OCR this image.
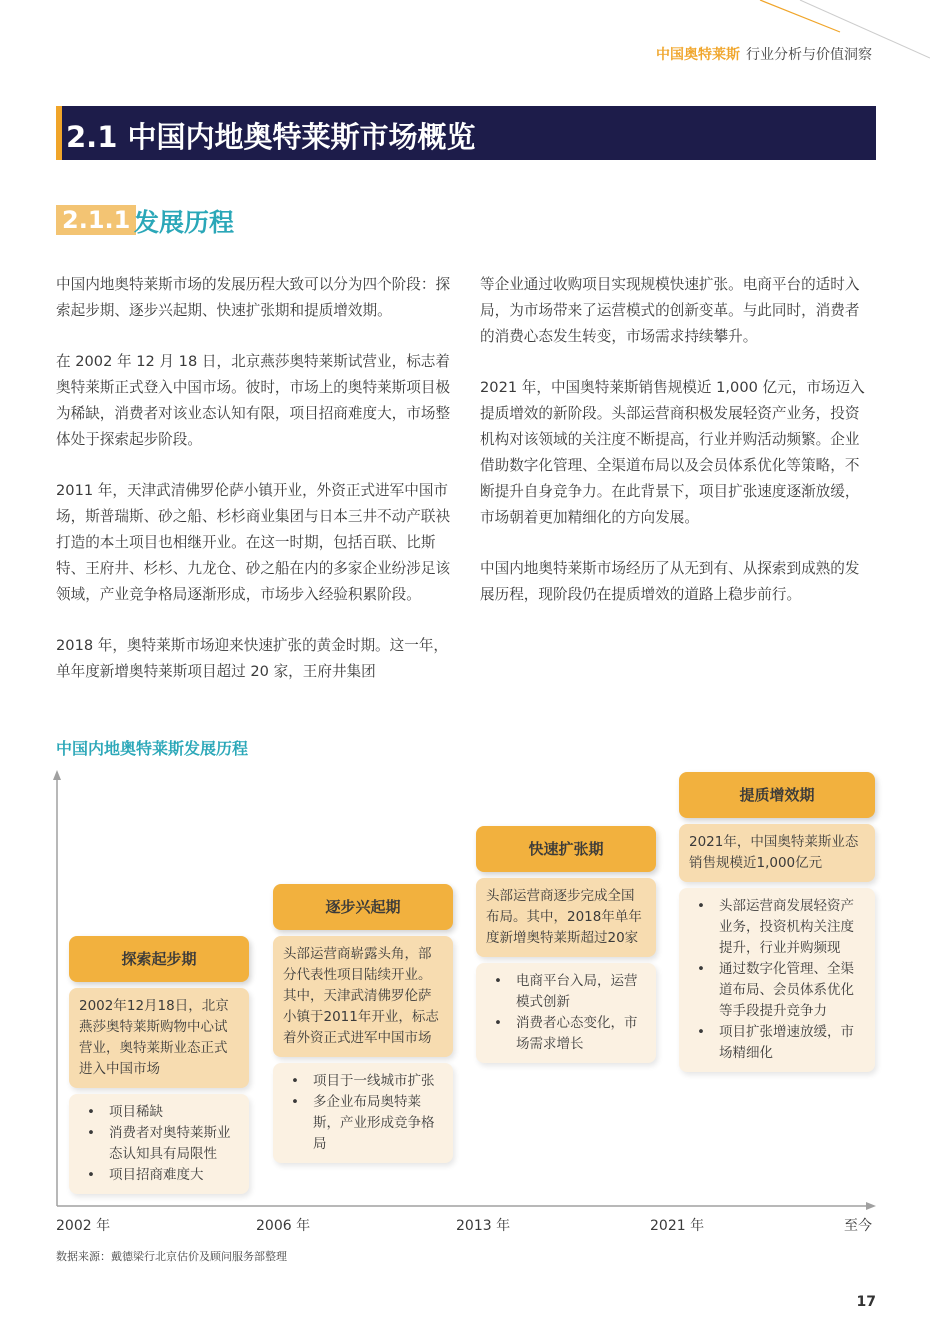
中国奥特莱斯 行业分析与价值洞察
2.1 中国内地奥特莱斯市场概览
2.1.1 发展历程

中国内地奥特莱斯市场的发展历程大致可以分为四个阶段：探索起步期、逐步兴起期、快速扩张期和提质增效期。

在 2002 年 12 月 18 日，北京燕莎奥特莱斯试营业，标志着奥特莱斯正式登入中国市场。彼时，市场上的奥特莱斯项目极为稀缺，消费者对该业态认知有限，项目招商难度大，市场整体处于探索起步阶段。

2011 年，天津武清佛罗伦萨小镇开业，外资正式进军中国市场，斯普瑞斯、砂之船、杉杉商业集团与日本三井不动产联袂打造的本土项目也相继开业。在这一时期，包括百联、比斯特、王府井、杉杉、九龙仓、砂之船在内的多家企业纷涉足该领域，产业竞争格局逐渐形成，市场步入经验积累阶段。

2018 年，奥特莱斯市场迎来快速扩张的黄金时期。这一年，单年度新增奥特莱斯项目超过 20 家，王府井集团

等企业通过收购项目实现规模快速扩张。电商平台的适时入局，为市场带来了运营模式的创新变革。与此同时，消费者的消费心态发生转变，市场需求持续攀升。

2021 年，中国奥特莱斯销售规模近 1,000 亿元，市场迈入提质增效的新阶段。头部运营商积极发展轻资产业务，投资机构对该领域的关注度不断提高，行业并购活动频繁。企业借助数字化管理、全渠道布局以及会员体系优化等策略，不断提升自身竞争力。在此背景下，项目扩张速度逐渐放缓，市场朝着更加精细化的方向发展。

中国内地奥特莱斯市场经历了从无到有、从探索到成熟的发展历程，现阶段仍在提质增效的道路上稳步前行。

中国内地奥特莱斯发展历程
探索起步期
2002年12月18日，北京燕莎奥特莱斯购物中心试营业，奥特莱斯业态正式进入中国市场
• 项目稀缺
• 消费者对奥特莱斯业态认知具有局限性
• 项目招商难度大
逐步兴起期
头部运营商崭露头角，部分代表性项目陆续开业。其中，天津武清佛罗伦萨小镇于2011年开业，标志着外资正式进军中国市场
• 项目于一线城市扩张
• 多企业布局奥特莱斯，产业形成竞争格局
快速扩张期
头部运营商逐步完成全国布局。其中，2018年单年度新增奥特莱斯超过20家
• 电商平台入局，运营模式创新
• 消费者心态变化，市场需求增长
提质增效期
2021年，中国奥特莱斯业态销售规模近1,000亿元
• 头部运营商发展轻资产业务，投资机构关注度提升，行业并购频现
• 通过数字化管理、全渠道布局、会员体系优化等手段提升竞争力
• 项目扩张增速放缓，市场精细化
2002 年	2006 年	2013 年	2021 年	至今
数据来源：戴德梁行北京估价及顾问服务部整理
17
